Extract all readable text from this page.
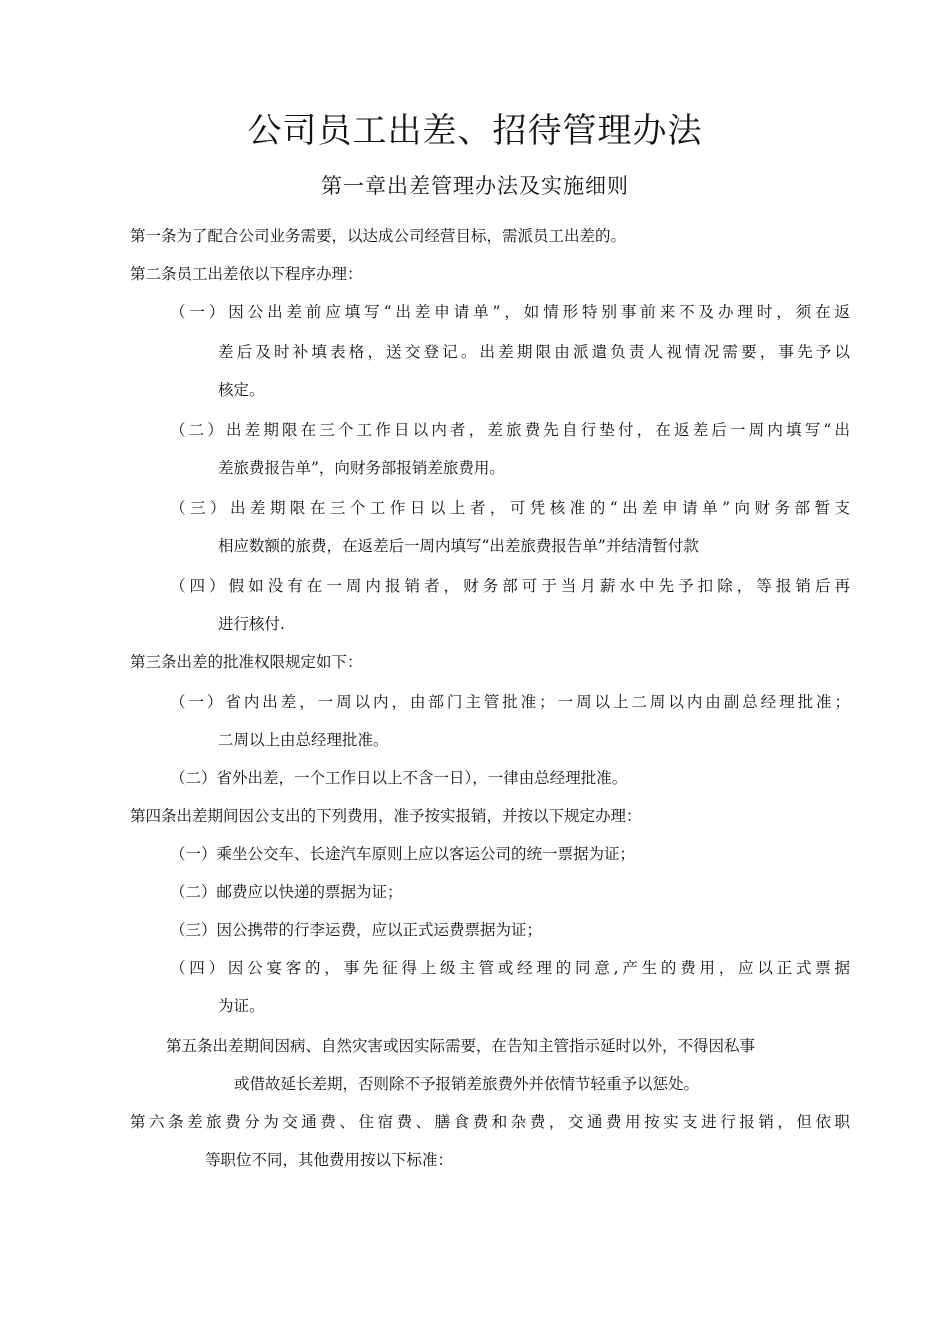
公司员工出差、招待管理办法
第一章出差管理办法及实施细则
第一条为了配合公司业务需要，以达成公司经营目标，需派员工出差的。
第二条员工出差依以下程序办理：
（一）因公出差前应填写“出差申请单”，如情形特别事前来不及办理时，须在返
差后及时补填表格，送交登记。出差期限由派遣负责人视情况需要，事先予以
核定。
（二）出差期限在三个工作日以内者，差旅费先自行垫付，在返差后一周内填写“出
差旅费报告单”，向财务部报销差旅费用。
（三）出差期限在三个工作日以上者，可凭核准的“出差申请单”向财务部暂支
相应数额的旅费，在返差后一周内填写“出差旅费报告单”并结清暂付款
（四）假如没有在一周内报销者，财务部可于当月薪水中先予扣除，等报销后再
进行核付.
第三条出差的批准权限规定如下：
（一）省内出差，一周以内，由部门主管批准；一周以上二周以内由副总经理批准；
二周以上由总经理批准。
（二）省外出差，一个工作日以上不含一日），一律由总经理批准。
第四条出差期间因公支出的下列费用，准予按实报销，并按以下规定办理：
（一）乘坐公交车、长途汽车原则上应以客运公司的统一票据为证；
（二）邮费应以快递的票据为证；
（三）因公携带的行李运费，应以正式运费票据为证；
（四）因公宴客的，事先征得上级主管或经理的同意,产生的费用，应以正式票据
为证。
第五条出差期间因病、自然灾害或因实际需要，在告知主管指示延时以外，不得因私事
或借故延长差期，否则除不予报销差旅费外并依情节轻重予以惩处。
第六条差旅费分为交通费、住宿费、膳食费和杂费，交通费用按实支进行报销，但依职
等职位不同，其他费用按以下标准：
